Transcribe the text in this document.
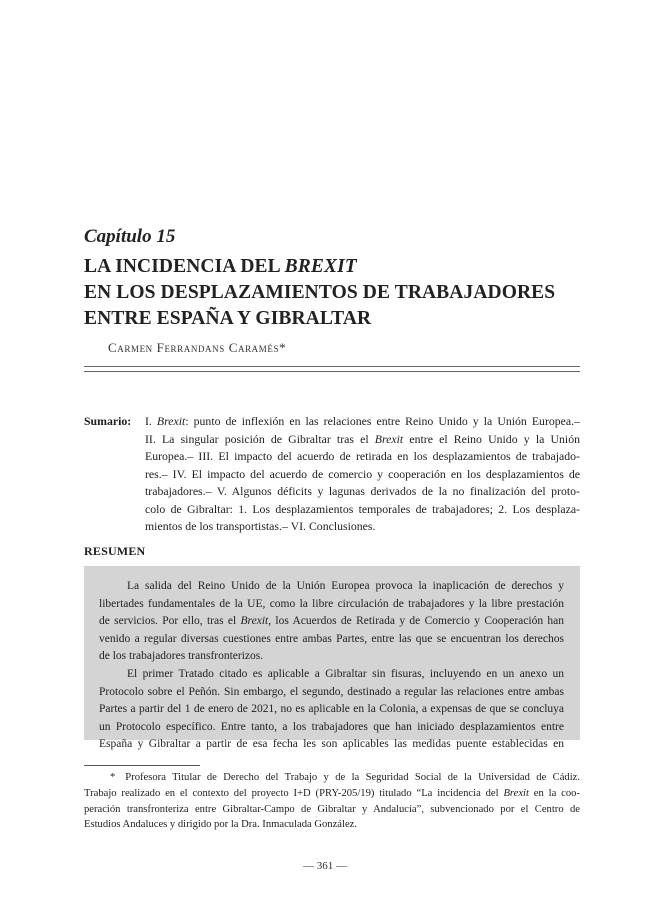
Capítulo 15
LA INCIDENCIA DEL BREXIT
EN LOS DESPLAZAMIENTOS DE TRABAJADORES
ENTRE ESPAÑA Y GIBRALTAR
Carmen Ferrandans Caramés*
Sumario: I. Brexit: punto de inflexión en las relaciones entre Reino Unido y la Unión Europea.–
II. La singular posición de Gibraltar tras el Brexit entre el Reino Unido y la Unión
Europea.– III. El impacto del acuerdo de retirada en los desplazamientos de trabajado-
res.– IV. El impacto del acuerdo de comercio y cooperación en los desplazamientos de
trabajadores.– V. Algunos déficits y lagunas derivados de la no finalización del proto-
colo de Gibraltar: 1. Los desplazamientos temporales de trabajadores; 2. Los desplaza-
mientos de los transportistas.– VI. Conclusiones.
RESUMEN
La salida del Reino Unido de la Unión Europea provoca la inaplicación de derechos y
libertades fundamentales de la UE, como la libre circulación de trabajadores y la libre prestación
de servicios. Por ello, tras el Brexit, los Acuerdos de Retirada y de Comercio y Cooperación han
venido a regular diversas cuestiones entre ambas Partes, entre las que se encuentran los derechos
de los trabajadores transfronterizos.
El primer Tratado citado es aplicable a Gibraltar sin fisuras, incluyendo en un anexo un
Protocolo sobre el Peñón. Sin embargo, el segundo, destinado a regular las relaciones entre ambas
Partes a partir del 1 de enero de 2021, no es aplicable en la Colonia, a expensas de que se concluya
un Protocolo específico. Entre tanto, a los trabajadores que han iniciado desplazamientos entre
España y Gibraltar a partir de esa fecha les son aplicables las medidas puente establecidas en
* Profesora Titular de Derecho del Trabajo y de la Seguridad Social de la Universidad de Cádiz.
Trabajo realizado en el contexto del proyecto I+D (PRY-205/19) titulado “La incidencia del Brexit en la coo-
peración transfronteriza entre Gibraltar-Campo de Gibraltar y Andalucía”, subvencionado por el Centro de
Estudios Andaluces y dirigido por la Dra. Inmaculada González.
— 361 —
